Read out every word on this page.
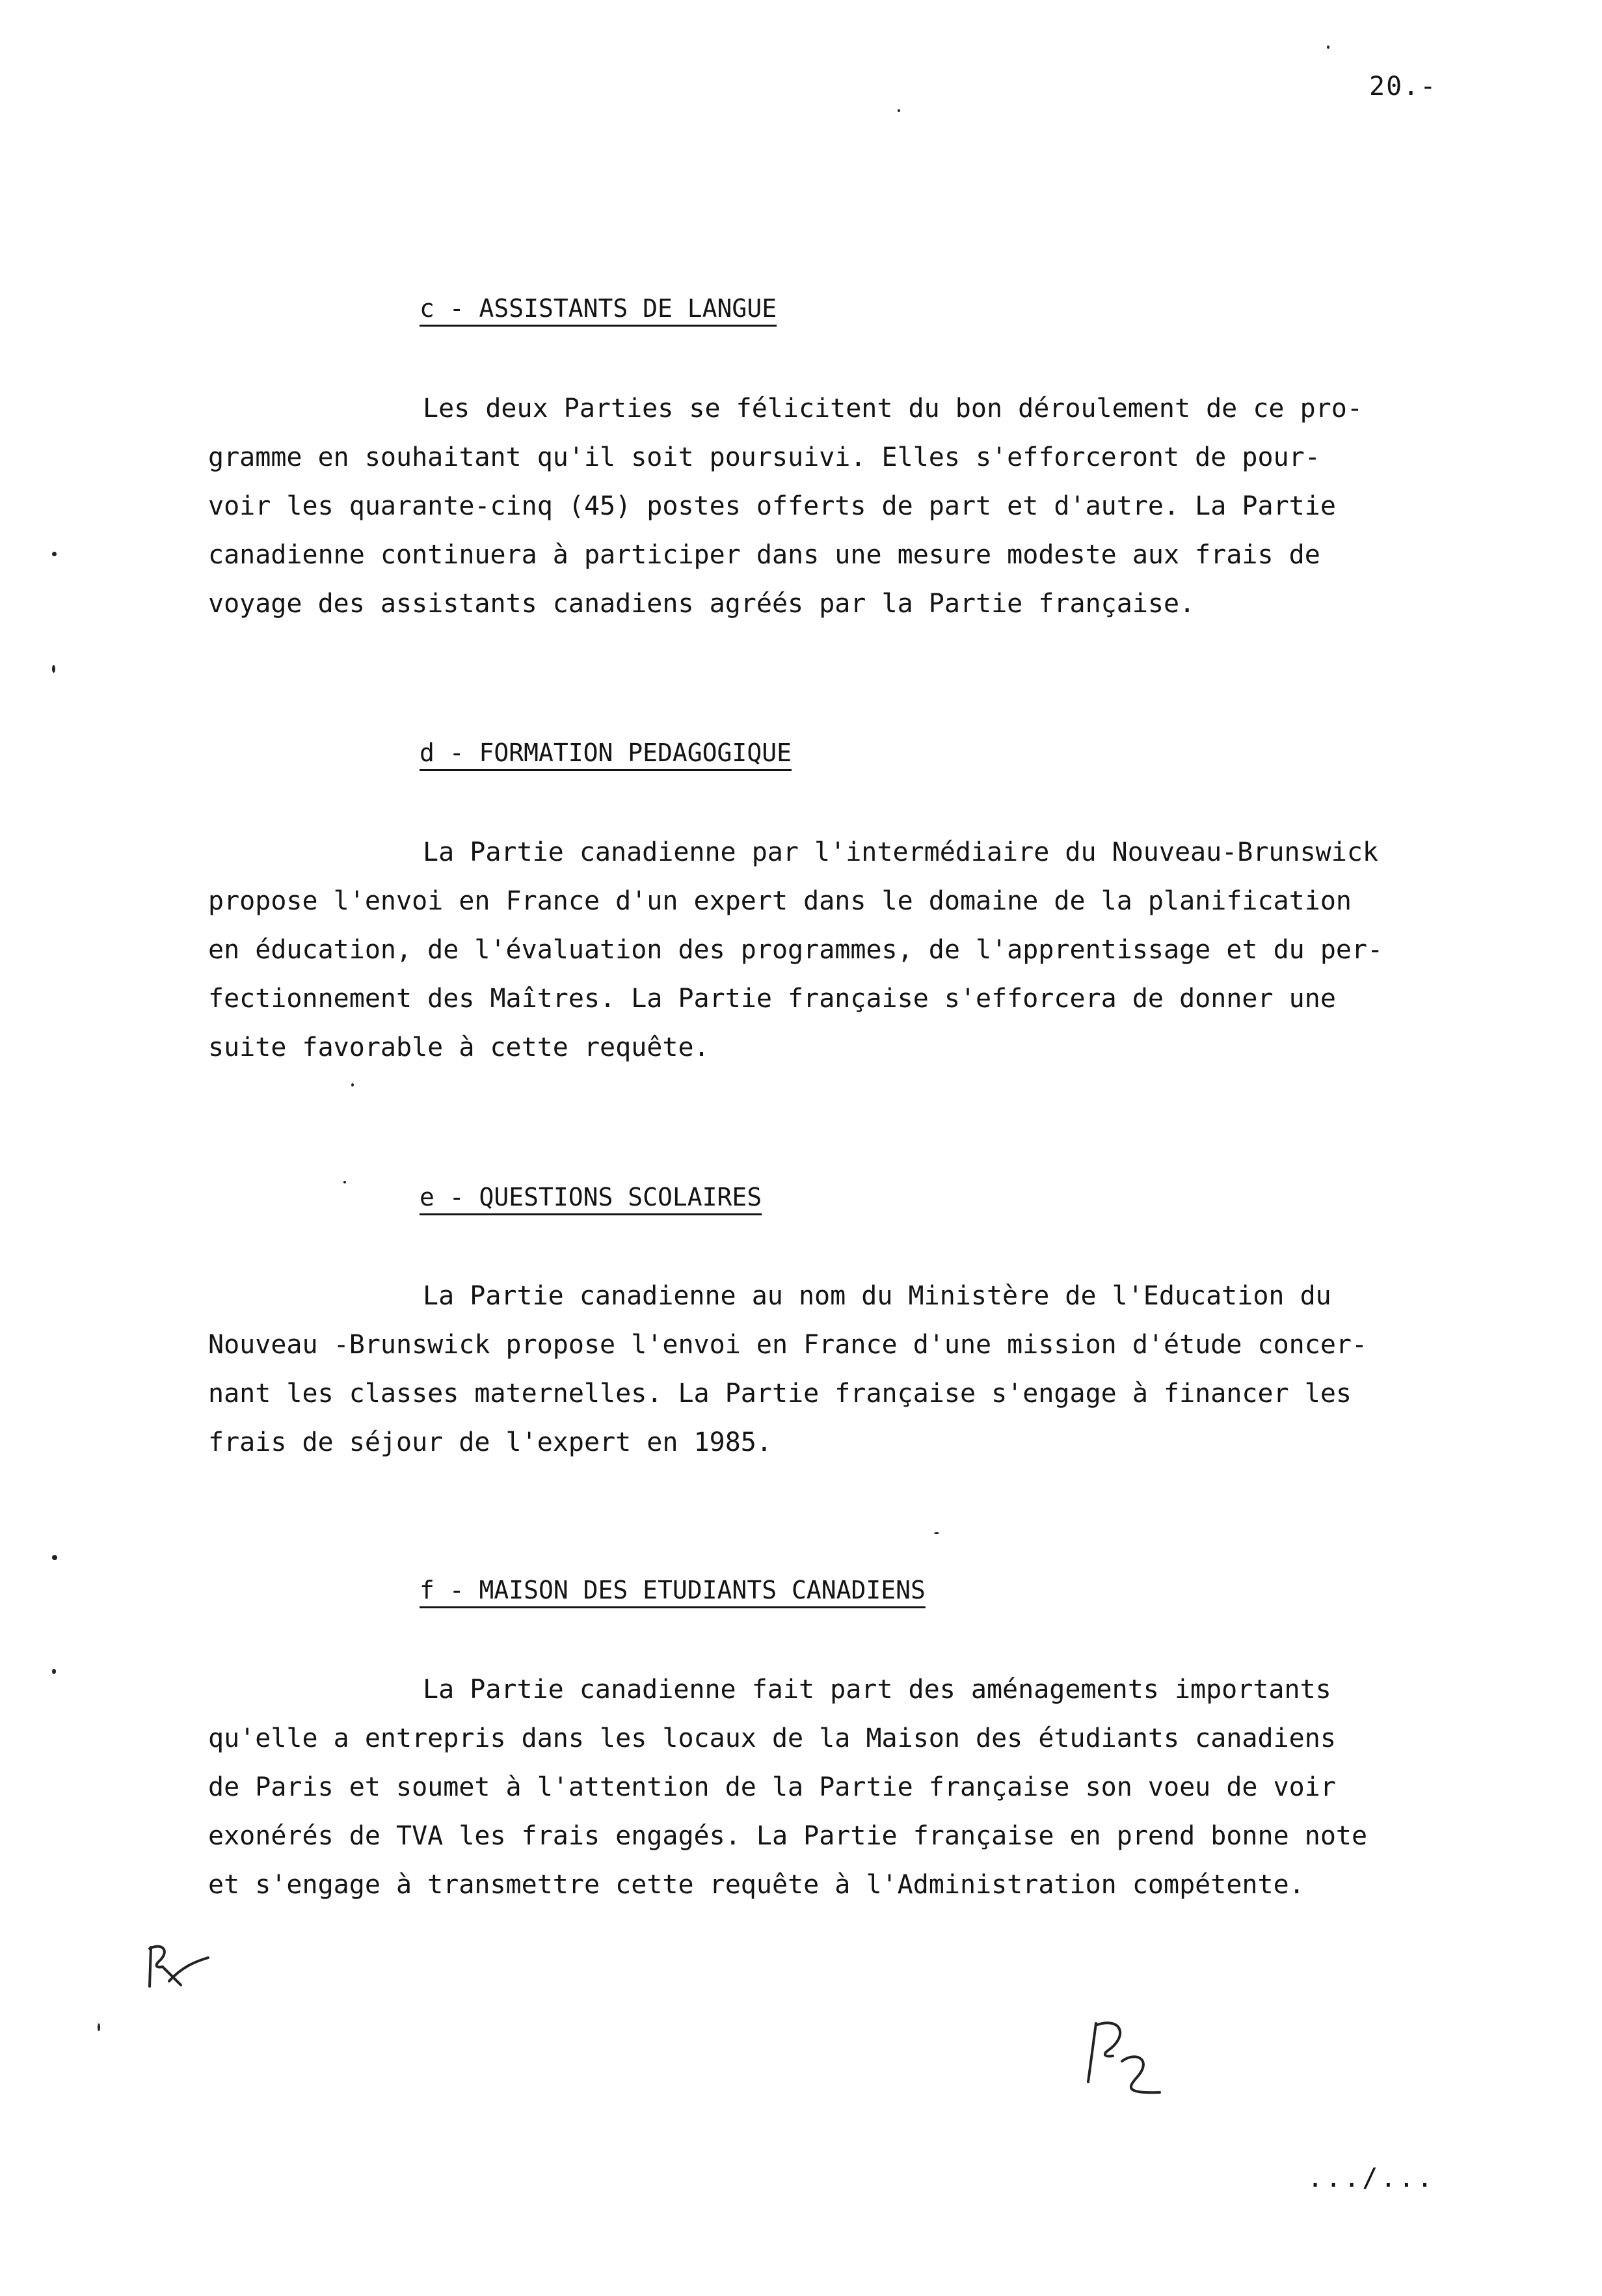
20.-
c - ASSISTANTS DE LANGUE
Les deux Parties se félicitent du bon déroulement de ce pro-
gramme en souhaitant qu'il soit poursuivi. Elles s'efforceront de pour-
voir les quarante-cinq (45) postes offerts de part et d'autre. La Partie
canadienne continuera à participer dans une mesure modeste aux frais de
voyage des assistants canadiens agréés par la Partie française.
d - FORMATION PEDAGOGIQUE
La Partie canadienne par l'intermédiaire du Nouveau-Brunswick
propose l'envoi en France d'un expert dans le domaine de la planification
en éducation, de l'évaluation des programmes, de l'apprentissage et du per-
fectionnement des Maîtres. La Partie française s'efforcera de donner une
suite favorable à cette requête.
e - QUESTIONS SCOLAIRES
La Partie canadienne au nom du Ministère de l'Education du
Nouveau -Brunswick propose l'envoi en France d'une mission d'étude concer-
nant les classes maternelles. La Partie française s'engage à financer les
frais de séjour de l'expert en 1985.
f - MAISON DES ETUDIANTS CANADIENS
La Partie canadienne fait part des aménagements importants
qu'elle a entrepris dans les locaux de la Maison des étudiants canadiens
de Paris et soumet à l'attention de la Partie française son voeu de voir
exonérés de TVA les frais engagés. La Partie française en prend bonne note
et s'engage à transmettre cette requête à l'Administration compétente.
.../...
